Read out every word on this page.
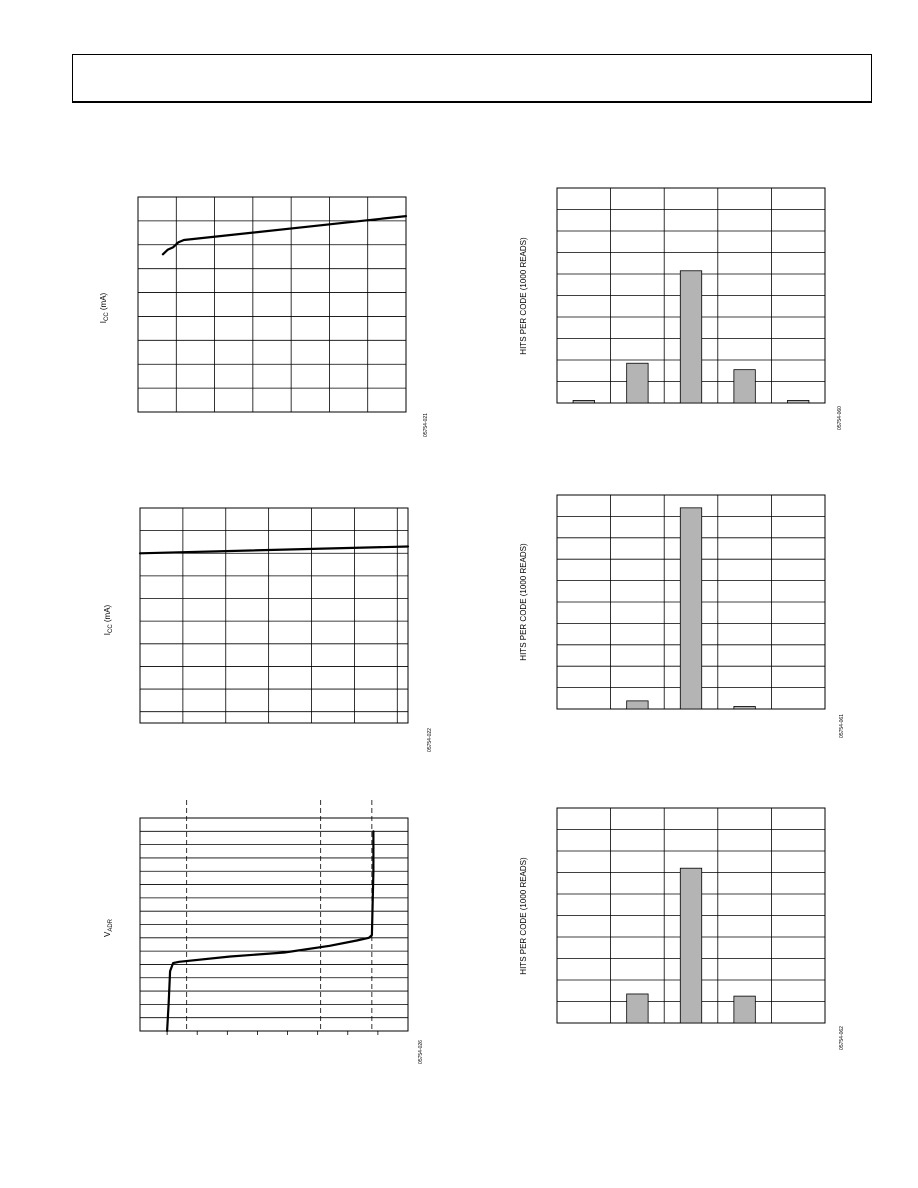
$I_{CC}$ (mA)
05754-021
HITS PER CODE (1000 READS)
05754-060
$I_{CC}$ (mA)
05754-022
HITS PER CODE (1000 READS)
05754-061
$V_{ADR}$
05754-026
HITS PER CODE (1000 READS)
05754-062
